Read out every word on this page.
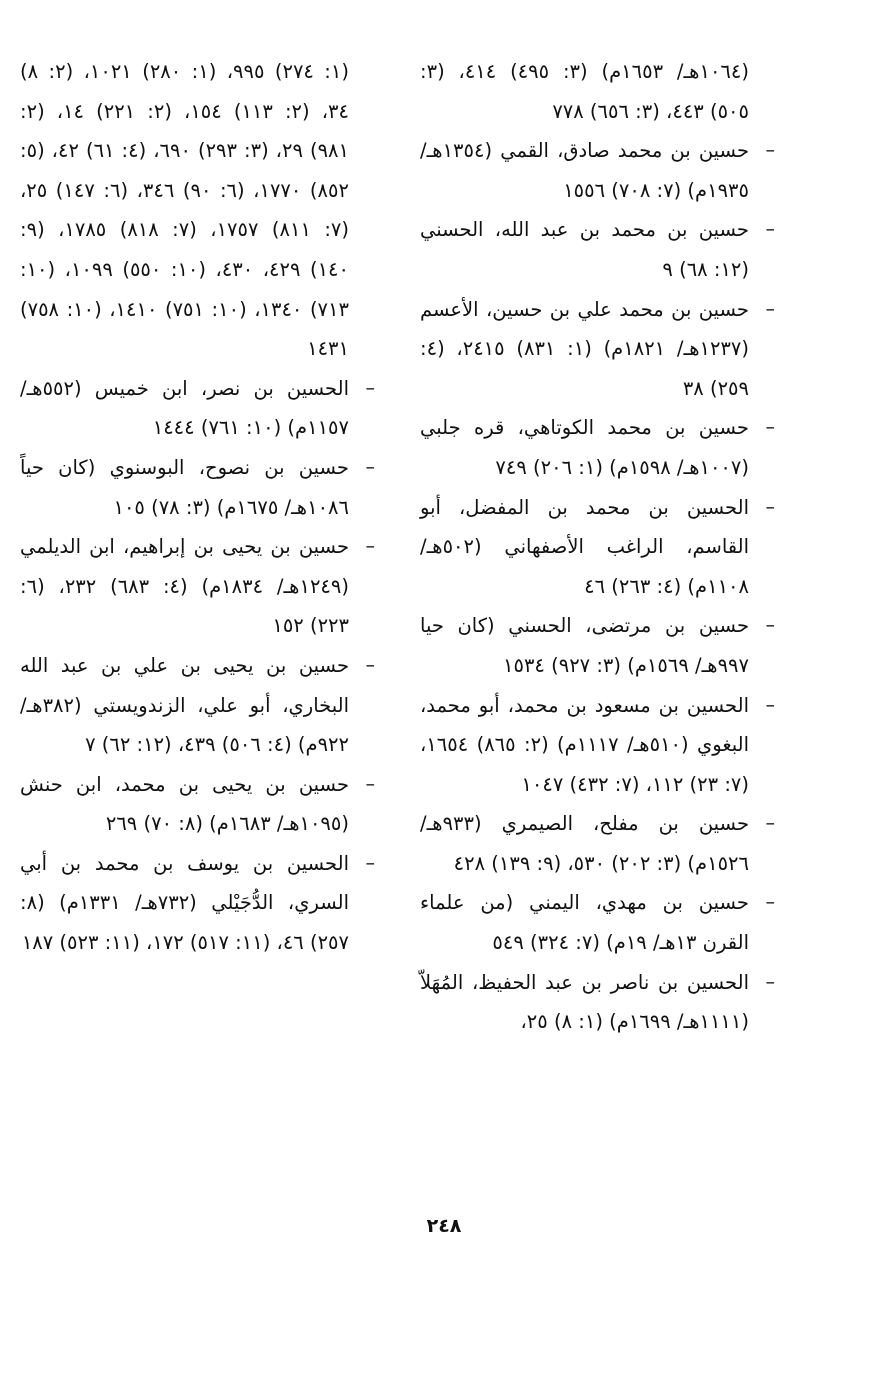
(١٠٦٤هـ/ ١٦٥٣م) (٣: ٤٩٥) ٤١٤، (٣: ٥٠٥) ٤٤٣، (٣: ٦٥٦) ٧٧٨

– حسين بن محمد صادق، القمي (١٣٥٤هـ/ ١٩٣٥م) (٧: ٧٠٨) ١٥٥٦

– حسين بن محمد بن عبد الله، الحسني (١٢: ٦٨) ٩

– حسين بن محمد علي بن حسين، الأعسم (١٢٣٧هـ/ ١٨٢١م) (١: ٨٣١) ٢٤١٥، (٤: ٢٥٩) ٣٨

– حسين بن محمد الكوتاهي، قره جلبي (١٠٠٧هـ/ ١٥٩٨م) (١: ٢٠٦) ٧٤٩

– الحسين بن محمد بن المفضل، أبو القاسم، الراغب الأصفهاني (٥٠٢هـ/ ١١٠٨م) (٤: ٢٦٣) ٤٦

– حسين بن مرتضى، الحسني (كان حيا ٩٩٧هـ/ ١٥٦٩م) (٣: ٩٢٧) ١٥٣٤

– الحسين بن مسعود بن محمد، أبو محمد، البغوي (٥١٠هـ/ ١١١٧م) (٢: ٨٦٥) ١٦٥٤، (٧: ٢٣) ١١٢، (٧: ٤٣٢) ١٠٤٧

– حسين بن مفلح، الصيمري (٩٣٣هـ/ ١٥٢٦م) (٣: ٢٠٢) ٥٣٠، (٩: ١٣٩) ٤٢٨

– حسين بن مهدي، اليمني (من علماء القرن ١٣هـ/ ١٩م) (٧: ٣٢٤) ٥٤٩

– الحسين بن ناصر بن عبد الحفيظ، المُهَلاّ (١١١١هـ/ ١٦٩٩م) (١: ٨) ٢٥،

(١: ٢٧٤) ٩٩٥، (١: ٢٨٠) ١٠٢١، (٢: ٨) ٣٤، (٢: ١١٣) ١٥٤، (٢: ٢٢١) ١٤، (٢: ٩٨١) ٢٩، (٣: ٢٩٣) ٦٩٠، (٤: ٦١) ٤٢، (٥: ٨٥٢) ١٧٧٠، (٦: ٩٠) ٣٤٦، (٦: ١٤٧) ٢٥، (٧: ٨١١) ١٧٥٧، (٧: ٨١٨) ١٧٨٥، (٩: ١٤٠) ٤٢٩، ٤٣٠، (١٠: ٥٥٠) ١٠٩٩، (١٠: ٧١٣) ١٣٤٠، (١٠: ٧٥١) ١٤١٠، (١٠: ٧٥٨) ١٤٣١

– الحسين بن نصر، ابن خميس (٥٥٢هـ/ ١١٥٧م) (١٠: ٧٦١) ١٤٤٤

– حسين بن نصوح، البوسنوي (كان حياً ١٠٨٦هـ/ ١٦٧٥م) (٣: ٧٨) ١٠٥

– حسين بن يحيى بن إبراهيم، ابن الديلمي (١٢٤٩هـ/ ١٨٣٤م) (٤: ٦٨٣) ٢٣٢، (٦: ٢٢٣) ١٥٢

– حسين بن يحيى بن علي بن عبد الله البخاري، أبو علي، الزندويستي (٣٨٢هـ/ ٩٢٢م) (٤: ٥٠٦) ٤٣٩، (١٢: ٦٢) ٧

– حسين بن يحيى بن محمد، ابن حنش (١٠٩٥هـ/ ١٦٨٣م) (٨: ٧٠) ٢٦٩

– الحسين بن يوسف بن محمد بن أبي السري، الدُّجَيْلي (٧٣٢هـ/ ١٣٣١م) (٨: ٢٥٧) ٤٦، (١١: ٥١٧) ١٧٢، (١١: ٥٢٣) ١٨٧

٢٤٨
